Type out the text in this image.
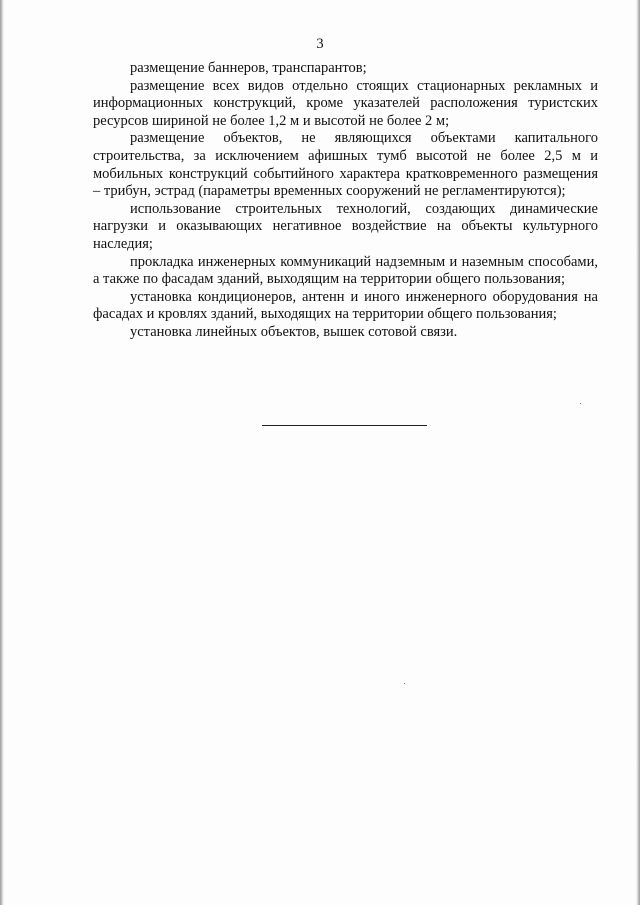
3

размещение баннеров, транспарантов;

размещение всех видов отдельно стоящих стационарных рекламных и информационных конструкций, кроме указателей расположения туристских ресурсов шириной не более 1,2 м и высотой не более 2 м;

размещение объектов, не являющихся объектами капитального строительства, за исключением афишных тумб высотой не более 2,5 м и мобильных конструкций событийного характера кратковременного размещения – трибун, эстрад (параметры временных сооружений не регламентируются);

использование строительных технологий, создающих динамические нагрузки и оказывающих негативное воздействие на объекты культурного наследия;

прокладка инженерных коммуникаций надземным и наземным способами, а также по фасадам зданий, выходящим на территории общего пользования;

установка кондиционеров, антенн и иного инженерного оборудования на фасадах и кровлях зданий, выходящих на территории общего пользования;

установка линейных объектов, вышек сотовой связи.
